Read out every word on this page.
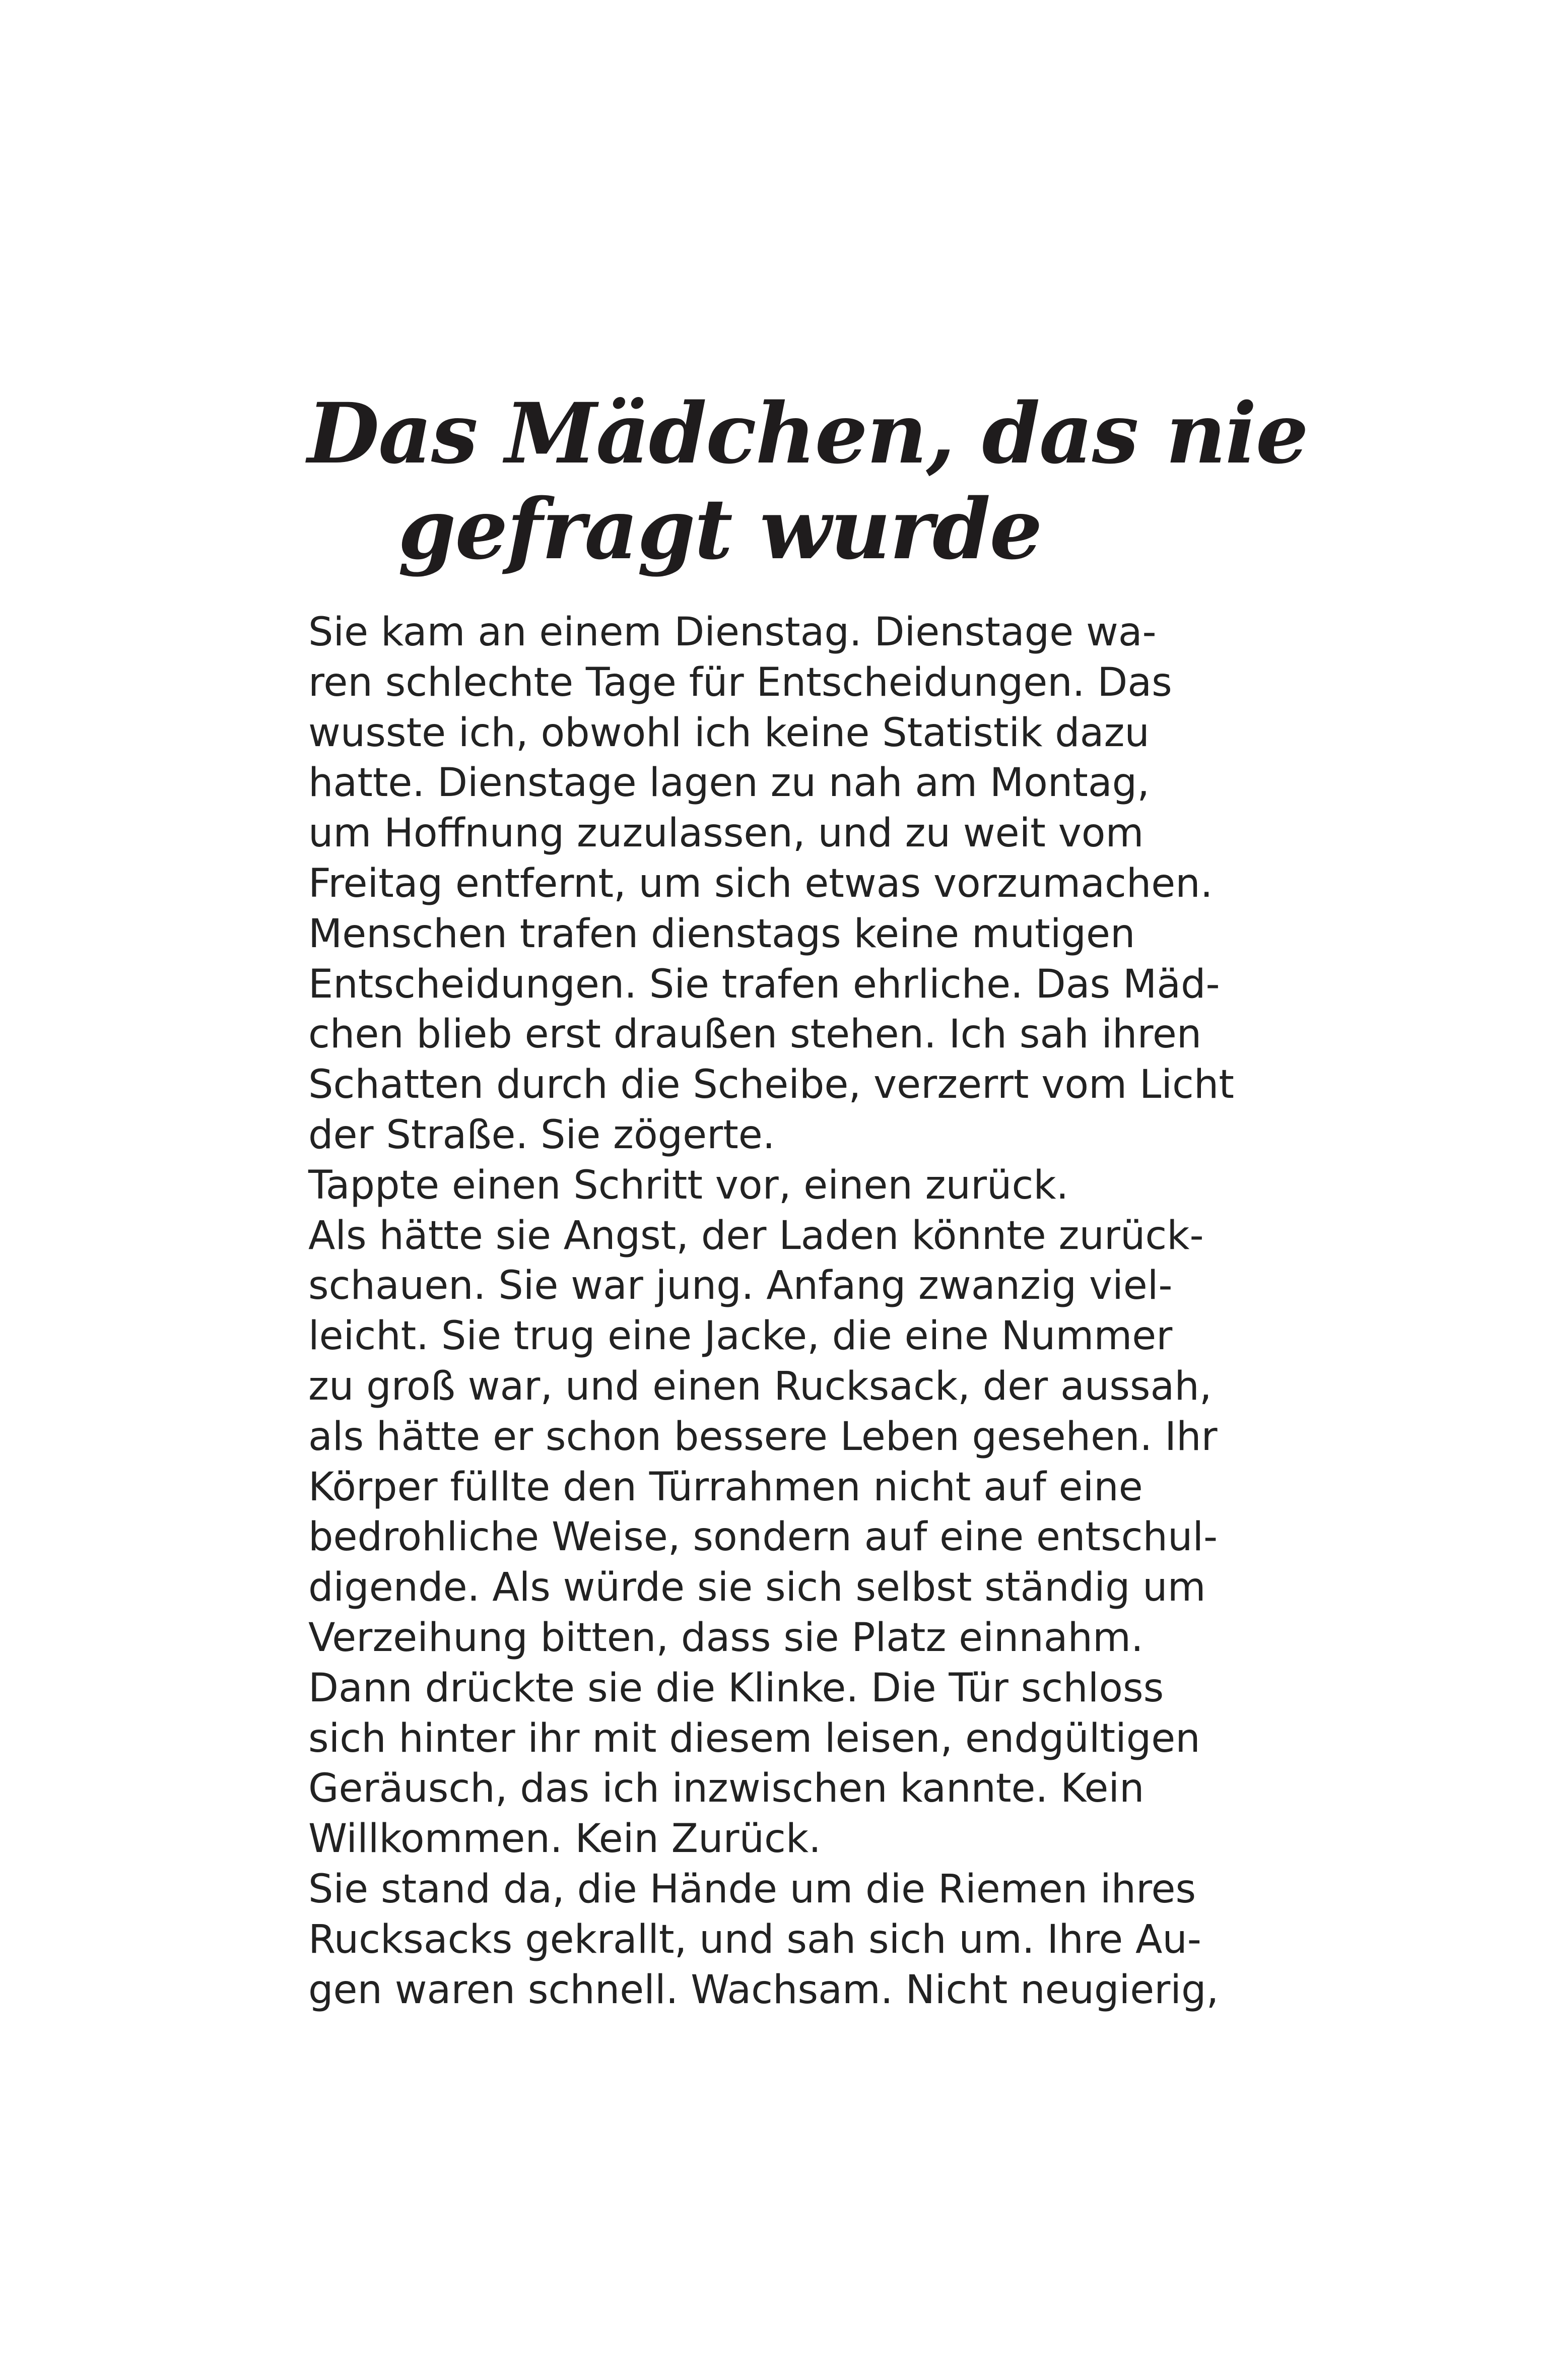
Das Mädchen, das nie
gefragt wurde
Sie kam an einem Dienstag. Dienstage wa-
ren schlechte Tage für Entscheidungen. Das
wusste ich, obwohl ich keine Statistik dazu
hatte. Dienstage lagen zu nah am Montag,
um Hoffnung zuzulassen, und zu weit vom
Freitag entfernt, um sich etwas vorzumachen.
Menschen trafen dienstags keine mutigen
Entscheidungen. Sie trafen ehrliche. Das Mäd-
chen blieb erst draußen stehen. Ich sah ihren
Schatten durch die Scheibe, verzerrt vom Licht
der Straße. Sie zögerte.
Tappte einen Schritt vor, einen zurück.
Als hätte sie Angst, der Laden könnte zurück-
schauen. Sie war jung. Anfang zwanzig viel-
leicht. Sie trug eine Jacke, die eine Nummer
zu groß war, und einen Rucksack, der aussah,
als hätte er schon bessere Leben gesehen. Ihr
Körper füllte den Türrahmen nicht auf eine
bedrohliche Weise, sondern auf eine entschul-
digende. Als würde sie sich selbst ständig um
Verzeihung bitten, dass sie Platz einnahm.
Dann drückte sie die Klinke. Die Tür schloss
sich hinter ihr mit diesem leisen, endgültigen
Geräusch, das ich inzwischen kannte. Kein
Willkommen. Kein Zurück.
Sie stand da, die Hände um die Riemen ihres
Rucksacks gekrallt, und sah sich um. Ihre Au-
gen waren schnell. Wachsam. Nicht neugierig,
